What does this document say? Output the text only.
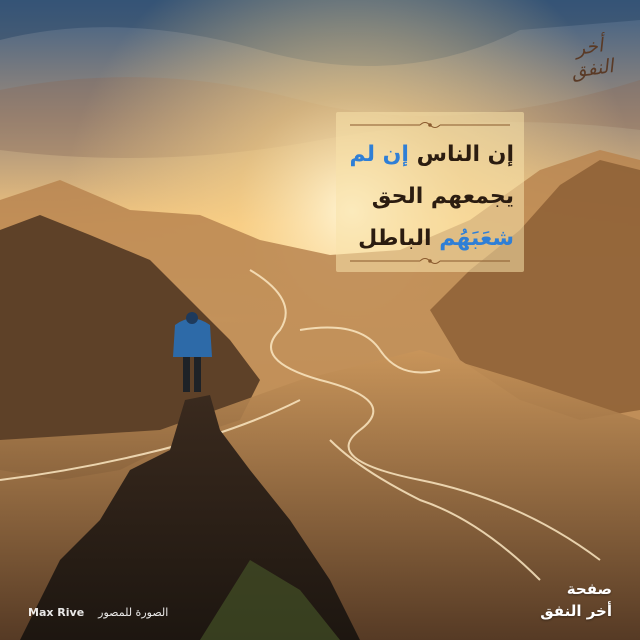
إن الناس إن لم
يجمعهم الحق
شعَبَهُم الباطل
أخر النفق
Max Rive الصورة للمصور
صفحة
أخر النفق
